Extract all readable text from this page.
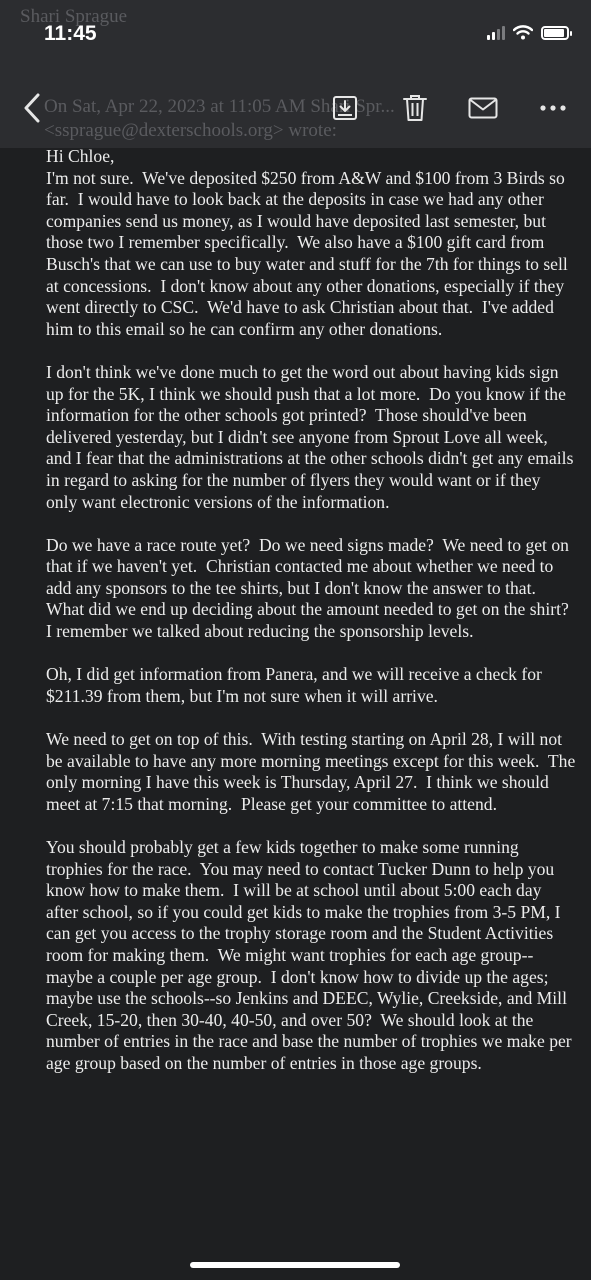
Shari Sprague
On Sat, Apr 22, 2023 at 11:05 AM Shari Spr...
<ssprague@dexterschools.org> wrote:
11:45
Hi Chloe,
I'm not sure.  We've deposited $250 from A&W and $100 from 3 Birds so far.  I would have to look back at the deposits in case we had any other companies send us money, as I would have deposited last semester, but those two I remember specifically.  We also have a $100 gift card from Busch's that we can use to buy water and stuff for the 7th for things to sell at concessions.  I don't know about any other donations, especially if they went directly to CSC.  We'd have to ask Christian about that.  I've added him to this email so he can confirm any other donations.

I don't think we've done much to get the word out about having kids sign up for the 5K, I think we should push that a lot more.  Do you know if the information for the other schools got printed?  Those should've been delivered yesterday, but I didn't see anyone from Sprout Love all week, and I fear that the administrations at the other schools didn't get any emails in regard to asking for the number of flyers they would want or if they only want electronic versions of the information.

Do we have a race route yet?  Do we need signs made?  We need to get on that if we haven't yet.  Christian contacted me about whether we need to add any sponsors to the tee shirts, but I don't know the answer to that.  What did we end up deciding about the amount needed to get on the shirt?  I remember we talked about reducing the sponsorship levels.

Oh, I did get information from Panera, and we will receive a check for $211.39 from them, but I'm not sure when it will arrive.

We need to get on top of this.  With testing starting on April 28, I will not be available to have any more morning meetings except for this week.  The only morning I have this week is Thursday, April 27.  I think we should meet at 7:15 that morning.  Please get your committee to attend.

You should probably get a few kids together to make some running trophies for the race.  You may need to contact Tucker Dunn to help you know how to make them.  I will be at school until about 5:00 each day after school, so if you could get kids to make the trophies from 3-5 PM, I can get you access to the trophy storage room and the Student Activities room for making them.  We might want trophies for each age group--maybe a couple per age group.  I don't know how to divide up the ages; maybe use the schools--so Jenkins and DEEC, Wylie, Creekside, and Mill Creek, 15-20, then 30-40, 40-50, and over 50?  We should look at the number of entries in the race and base the number of trophies we make per age group based on the number of entries in those age groups.
